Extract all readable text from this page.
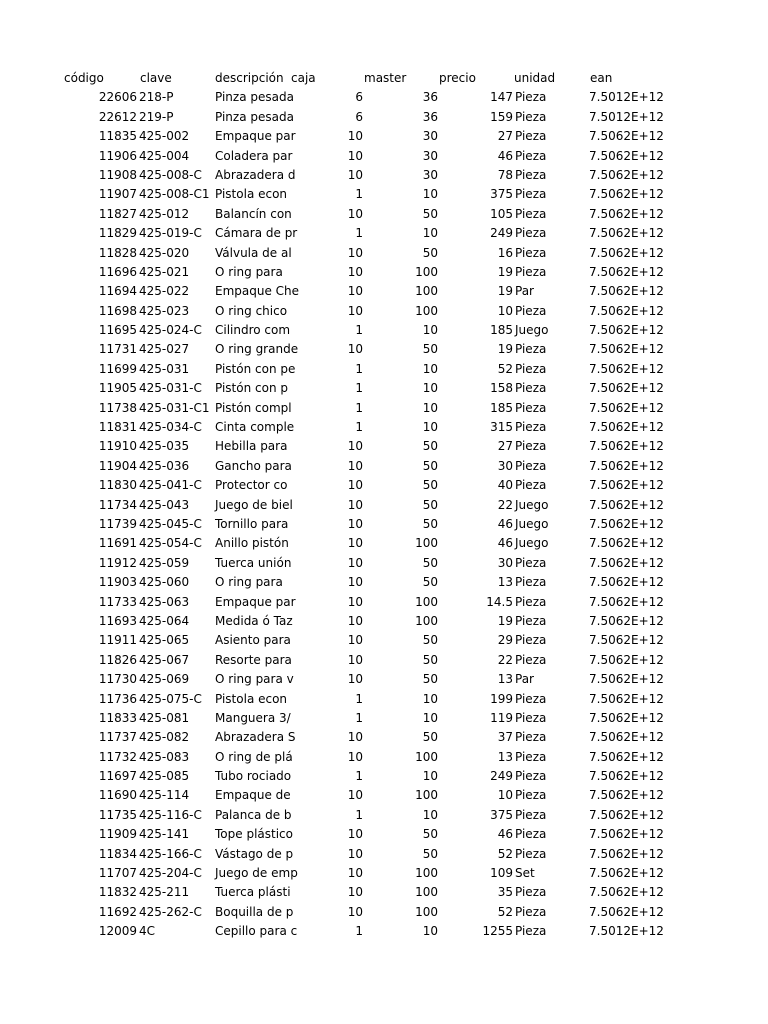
código	clave	descripción caja	master	precio	unidad	ean
22606 218-P	Pinza pesada	6	36	147 Pieza	7.5012E+12
22612 219-P	Pinza pesada	6	36	159 Pieza	7.5012E+12
11835 425-002	Empaque par	10	30	27 Pieza	7.5062E+12
11906 425-004	Coladera par	10	30	46 Pieza	7.5062E+12
11908 425-008-C	Abrazadera d	10	30	78 Pieza	7.5062E+12
11907 425-008-C1 Pistola econ	1	10	375 Pieza	7.5062E+12
11827 425-012	Balancín con	10	50	105 Pieza	7.5062E+12
11829 425-019-C	Cámara de pr	1	10	249 Pieza	7.5062E+12
11828 425-020	Válvula de al	10	50	16 Pieza	7.5062E+12
11696 425-021	O ring para	10	100	19 Pieza	7.5062E+12
11694 425-022	Empaque Che	10	100	19 Par	7.5062E+12
11698 425-023	O ring chico	10	100	10 Pieza	7.5062E+12
11695 425-024-C	Cilindro com	1	10	185 Juego	7.5062E+12
11731 425-027	O ring grande	10	50	19 Pieza	7.5062E+12
11699 425-031	Pistón con pe	1	10	52 Pieza	7.5062E+12
11905 425-031-C	Pistón con p	1	10	158 Pieza	7.5062E+12
11738 425-031-C1 Pistón compl	1	10	185 Pieza	7.5062E+12
11831 425-034-C	Cinta comple	1	10	315 Pieza	7.5062E+12
11910 425-035	Hebilla para	10	50	27 Pieza	7.5062E+12
11904 425-036	Gancho para	10	50	30 Pieza	7.5062E+12
11830 425-041-C	Protector co	10	50	40 Pieza	7.5062E+12
11734 425-043	Juego de biel	10	50	22 Juego	7.5062E+12
11739 425-045-C	Tornillo para	10	50	46 Juego	7.5062E+12
11691 425-054-C	Anillo pistón	10	100	46 Juego	7.5062E+12
11912 425-059	Tuerca unión	10	50	30 Pieza	7.5062E+12
11903 425-060	O ring para	10	50	13 Pieza	7.5062E+12
11733 425-063	Empaque par	10	100	14.5 Pieza	7.5062E+12
11693 425-064	Medida ó Taz	10	100	19 Pieza	7.5062E+12
11911 425-065	Asiento para	10	50	29 Pieza	7.5062E+12
11826 425-067	Resorte para	10	50	22 Pieza	7.5062E+12
11730 425-069	O ring para v	10	50	13 Par	7.5062E+12
11736 425-075-C	Pistola econ	1	10	199 Pieza	7.5062E+12
11833 425-081	Manguera 3/	1	10	119 Pieza	7.5062E+12
11737 425-082	Abrazadera S	10	50	37 Pieza	7.5062E+12
11732 425-083	O ring de plá	10	100	13 Pieza	7.5062E+12
11697 425-085	Tubo rociado	1	10	249 Pieza	7.5062E+12
11690 425-114	Empaque de	10	100	10 Pieza	7.5062E+12
11735 425-116-C	Palanca de b	1	10	375 Pieza	7.5062E+12
11909 425-141	Tope plástico	10	50	46 Pieza	7.5062E+12
11834 425-166-C	Vástago de p	10	50	52 Pieza	7.5062E+12
11707 425-204-C	Juego de emp	10	100	109 Set	7.5062E+12
11832 425-211	Tuerca plásti	10	100	35 Pieza	7.5062E+12
11692 425-262-C	Boquilla de p	10	100	52 Pieza	7.5062E+12
12009 4C	Cepillo para c	1	10	1255 Pieza	7.5012E+12
